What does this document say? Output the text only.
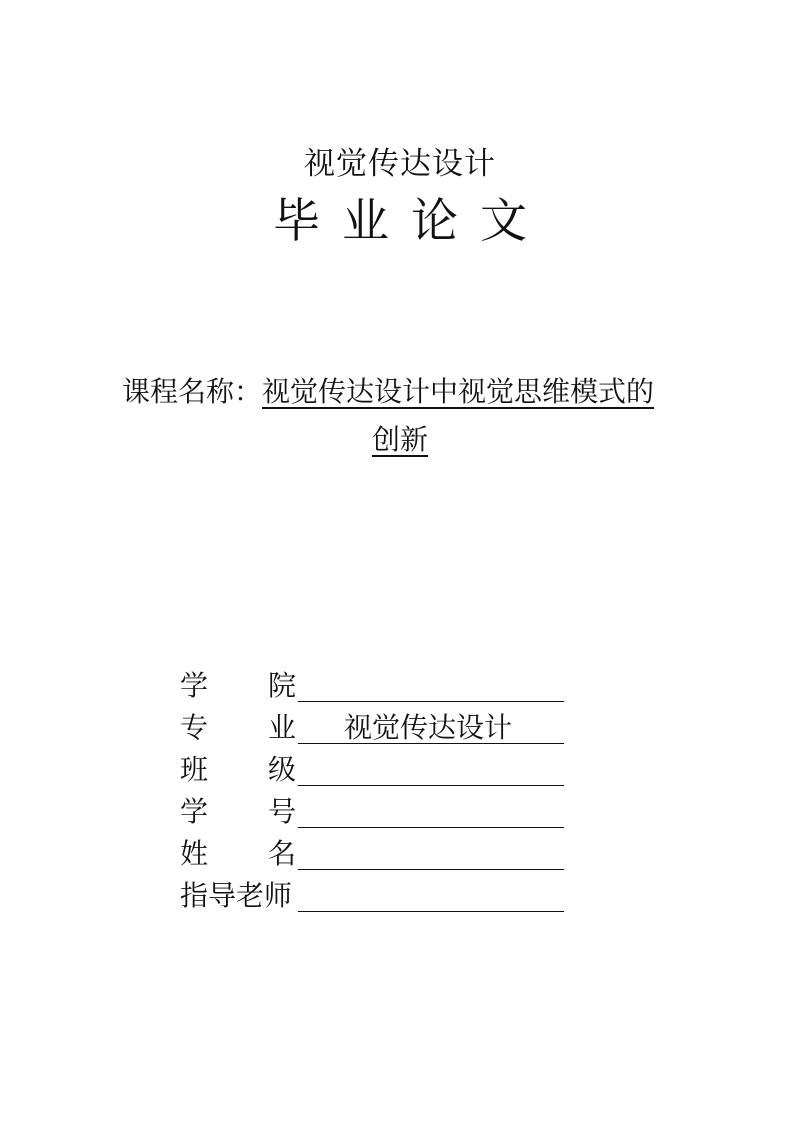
视觉传达设计
毕业论文
课程名称：视觉传达设计中视觉思维模式的
创新
学 院
专 业 视觉传达设计
班 级
学 号
姓 名
指导老师
